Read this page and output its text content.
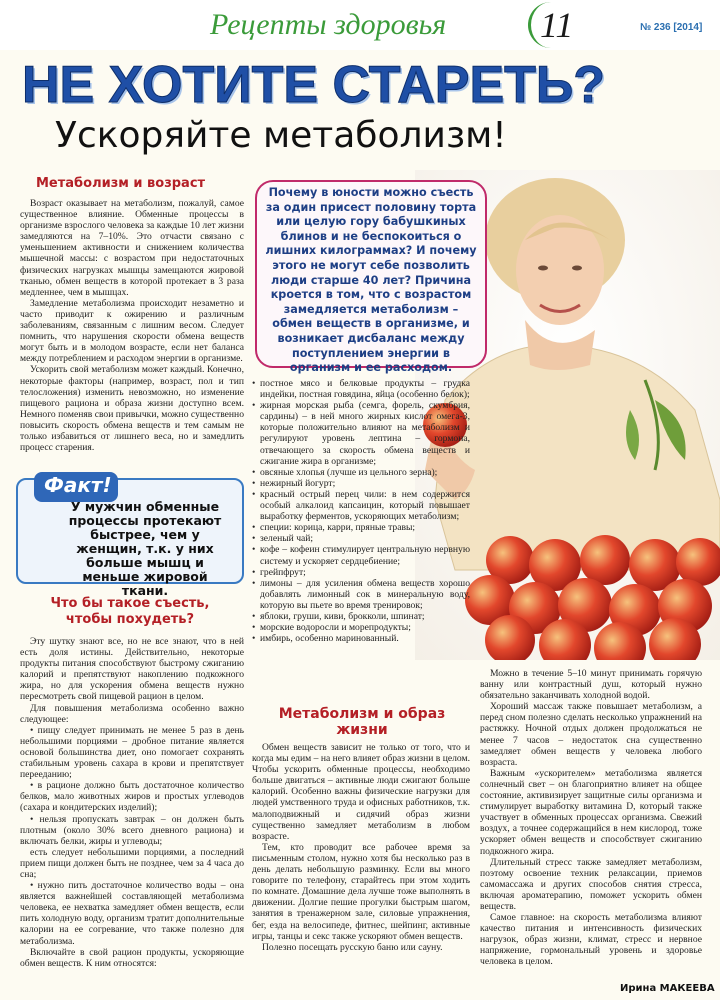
Рецепты здоровья	11	№ 236 [2014]
НЕ ХОТИТЕ СТАРЕТЬ?
Ускоряйте метаболизм!
Почему в юности можно съесть за один присест половину торта или целую гору бабушкиных блинов и не беспокоиться о лишних килограммах? И почему этого не могут себе позволить люди старше 40 лет? Причина кроется в том, что с возрастом замедляется метаболизм – обмен веществ в организме, и возникает дисбаланс между поступлением энергии в организм и ее расходом.
Метаболизм и возраст

Возраст оказывает на метаболизм, пожалуй, самое существенное влияние. Обменные процессы в организме взрослого человека за каждые 10 лет жизни замедляются на 7–10%. Это отчасти связано с уменьшением активности и снижением количества мышечной массы: с возрастом при недостаточных физических нагрузках мышцы замещаются жировой тканью, обмен веществ в которой протекает в 3 раза медленнее, чем в мышцах.

Замедление метаболизма происходит незаметно и часто приводит к ожирению и различным заболеваниям, связанным с лишним весом. Следует помнить, что нарушения скорости обмена веществ могут быть и в молодом возрасте, если нет баланса между потреблением и расходом энергии в организме.

Ускорить свой метаболизм может каждый. Конечно, некоторые факторы (например, возраст, пол и тип телосложения) изменить невозможно, но изменение пищевого рациона и образа жизни доступно всем. Немного поменяв свои привычки, можно существенно повысить скорость обмена веществ и тем самым не только избавиться от лишнего веса, но и замедлить процесс старения.

Факт!
У мужчин обменные процессы протекают быстрее, чем у женщин, т.к. у них больше мышц и меньше жировой ткани.
Что бы такое съесть, чтобы похудеть?

Эту шутку знают все, но не все знают, что в ней есть доля истины. Действительно, некоторые продукты питания способствуют быстрому сжиганию калорий и препятствуют накоплению подкожного жира, но для ускорения обмена веществ нужно пересмотреть свой пищевой рацион в целом.

Для повышения метаболизма особенно важно следующее:

• пищу следует принимать не менее 5 раз в день небольшими порциями – дробное питание является основой большинства диет, оно помогает сохранять стабильным уровень сахара в крови и препятствует перееданию;

• в рационе должно быть достаточное количество белков, мало животных жиров и простых углеводов (сахара и кондитерских изделий);

• нельзя пропускать завтрак – он должен быть плотным (около 30% всего дневного рациона) и включать белки, жиры и углеводы;

есть следует небольшими порциями, а последний прием пищи должен быть не позднее, чем за 4 часа до сна;

• нужно пить достаточное количество воды – она является важнейшей составляющей метаболизма человека, ее нехватка замедляет обмен веществ, если пить холодную воду, организм тратит дополнительные калории на ее согревание, что также полезно для метаболизма.

Включайте в свой рацион продукты, ускоряющие обмен веществ. К ним относятся:

• постное мясо и белковые продукты – грудка индейки, постная говядина, яйца (особенно белок);

• жирная морская рыба (семга, форель, скумбрия, сардины) – в ней много жирных кислот омега-3, которые положительно влияют на метаболизм и регулируют уровень лептина – гормона, отвечающего за скорость обмена веществ и сжигание жира в организме;

• овсяные хлопья (лучше из цельного зерна);

• нежирный йогурт;

• красный острый перец чили: в нем содержится особый алкалоид капсаицин, который повышает выработку ферментов, ускоряющих метаболизм;

• специи: корица, карри, пряные травы;

• зеленый чай;

• кофе – кофеин стимулирует центральную нервную систему и ускоряет сердцебиение;

• грейпфрут;

• лимоны – для усиления обмена веществ хорошо добавлять лимонный сок в минеральную воду, которую вы пьете во время тренировок;

• яблоки, груши, киви, брокколи, шпинат;

• морские водоросли и морепродукты;

• имбирь, особенно маринованный.

Метаболизм и образ жизни

Обмен веществ зависит не только от того, что и когда мы едим – на него влияет образ жизни в целом. Чтобы ускорить обменные процессы, необходимо больше двигаться – активные люди сжигают больше калорий. Особенно важны физические нагрузки для людей умственного труда и офисных работников, т.к. малоподвижный и сидячий образ жизни существенно замедляет метаболизм в любом возрасте.

Тем, кто проводит все рабочее время за письменным столом, нужно хотя бы несколько раз в день делать небольшую разминку. Если вы много говорите по телефону, старайтесь при этом ходить по комнате. Домашние дела лучше тоже выполнять в движении. Долгие пешие прогулки быстрым шагом, занятия в тренажерном зале, силовые упражнения, бег, езда на велосипеде, фитнес, шейпинг, активные игры, танцы и секс также ускоряют обмен веществ.

Полезно посещать русскую баню или сауну.

Можно в течение 5–10 минут принимать горячую ванну или контрастный душ, который нужно обязательно заканчивать холодной водой.

Хороший массаж также повышает метаболизм, а перед сном полезно сделать несколько упражнений на растяжку. Ночной отдых должен продолжаться не менее 7 часов – недостаток сна существенно замедляет обмен веществ у человека любого возраста.

Важным «ускорителем» метаболизма является солнечный свет – он благоприятно влияет на общее состояние, активизирует защитные силы организма и стимулирует выработку витамина D, который также участвует в обменных процессах организма. Свежий воздух, а точнее содержащийся в нем кислород, тоже ускоряет обмен веществ и способствует сжиганию подкожного жира.

Длительный стресс также замедляет метаболизм, поэтому освоение техник релаксации, приемов самомассажа и других способов снятия стресса, включая ароматерапию, поможет ускорить обмен веществ.

Самое главное: на скорость метаболизма влияют качество питания и интенсивность физических нагрузок, образ жизни, климат, стресс и нервное напряжение, гормональный уровень и здоровье человека в целом.

Ирина МАКЕЕВА
